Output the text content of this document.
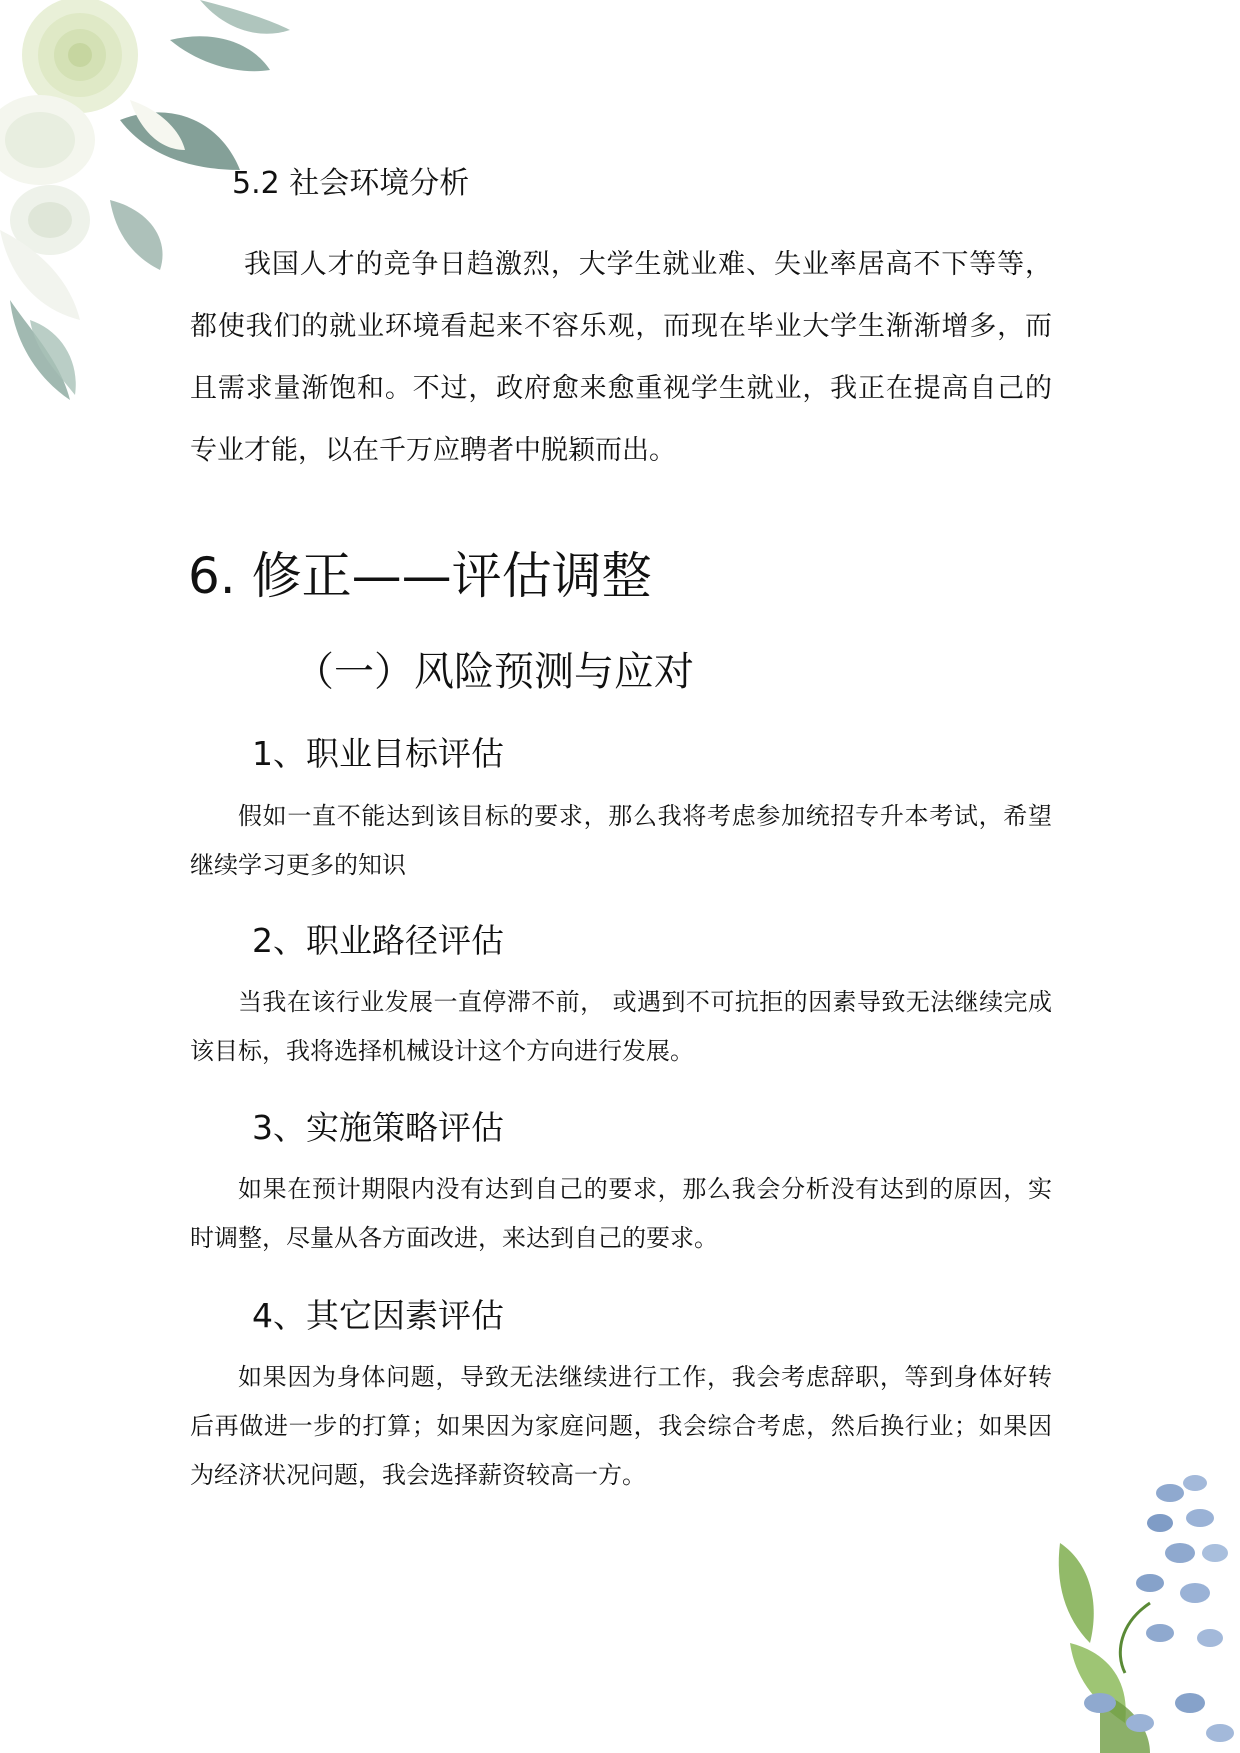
5.2 社会环境分析

我国人才的竞争日趋激烈，大学生就业难、失业率居高不下等等，都使我们的就业环境看起来不容乐观，而现在毕业大学生渐渐增多，而且需求量渐饱和。不过，政府愈来愈重视学生就业，我正在提高自己的专业才能，以在千万应聘者中脱颖而出。

6. 修正——评估调整
（一）风险预测与应对
1、职业目标评估

假如一直不能达到该目标的要求，那么我将考虑参加统招专升本考试，希望继续学习更多的知识

2、职业路径评估

当我在该行业发展一直停滞不前， 或遇到不可抗拒的因素导致无法继续完成该目标，我将选择机械设计这个方向进行发展。

3、实施策略评估

如果在预计期限内没有达到自己的要求，那么我会分析没有达到的原因，实时调整，尽量从各方面改进，来达到自己的要求。

4、其它因素评估

如果因为身体问题，导致无法继续进行工作，我会考虑辞职，等到身体好转后再做进一步的打算；如果因为家庭问题，我会综合考虑，然后换行业；如果因为经济状况问题，我会选择薪资较高一方。
